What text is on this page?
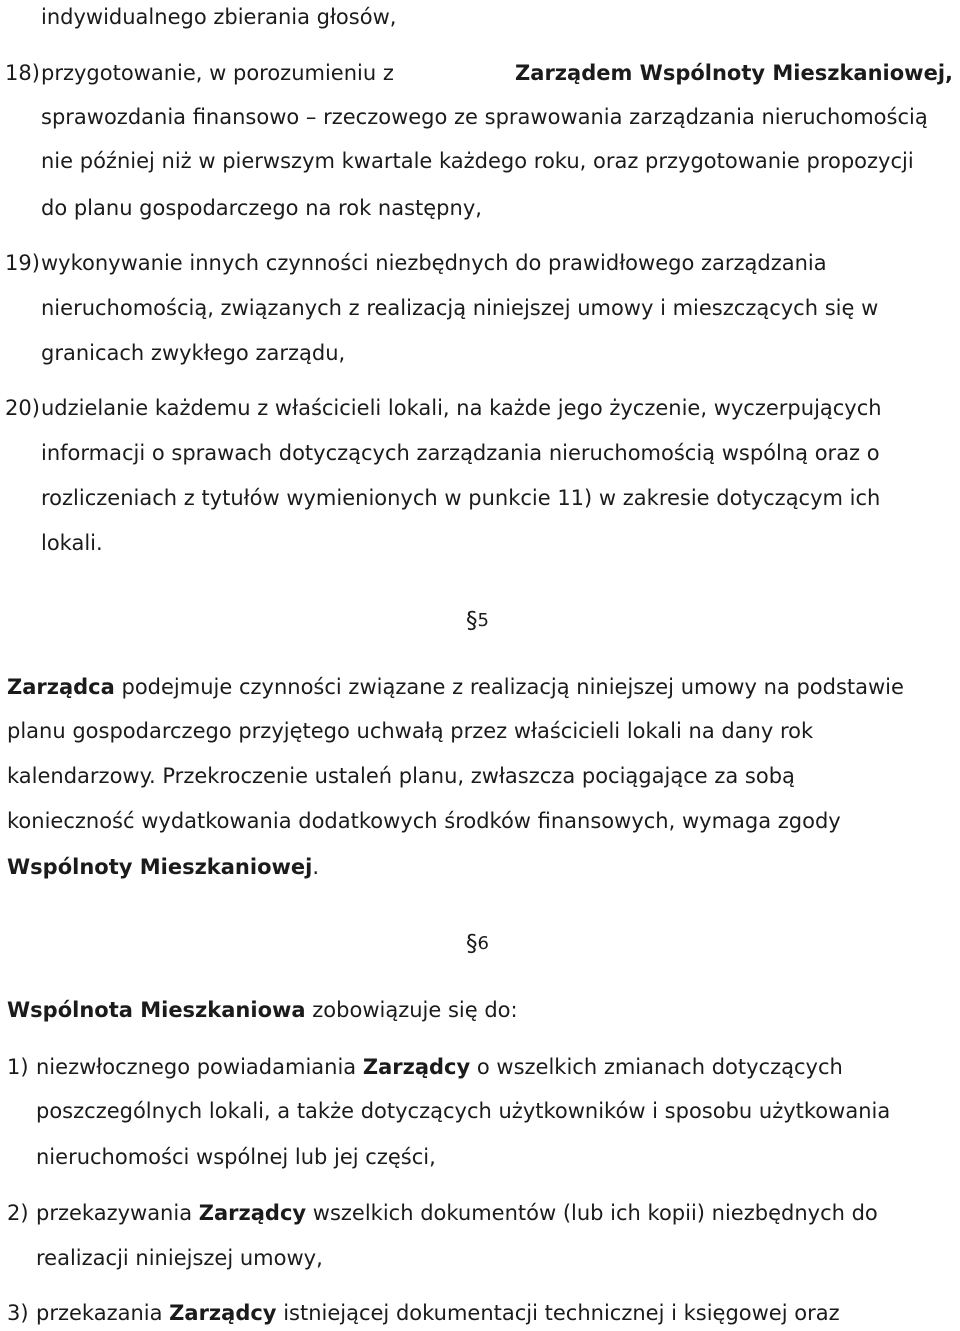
indywidualnego zbierania głosów,
18) przygotowanie, w porozumieniu z	Zarządem Wspólnoty Mieszkaniowej,
sprawozdania finansowo – rzeczowego ze sprawowania zarządzania nieruchomością
nie później niż w pierwszym kwartale każdego roku, oraz przygotowanie propozycji
do planu gospodarczego na rok następny,
19) wykonywanie innych czynności niezbędnych do prawidłowego zarządzania
nieruchomością, związanych z realizacją niniejszej umowy i mieszczących się w
granicach zwykłego zarządu,
20) udzielanie każdemu z właścicieli lokali, na każde jego życzenie, wyczerpujących
informacji o sprawach dotyczących zarządzania nieruchomością wspólną oraz o
rozliczeniach z tytułów wymienionych w punkcie 11) w zakresie dotyczącym ich
lokali.
§5
Zarządca podejmuje czynności związane z realizacją niniejszej umowy na podstawie
planu gospodarczego przyjętego uchwałą przez właścicieli lokali na dany rok
kalendarzowy. Przekroczenie ustaleń planu, zwłaszcza pociągające za sobą
konieczność wydatkowania dodatkowych środków finansowych, wymaga zgody
Wspólnoty Mieszkaniowej.
§6
Wspólnota Mieszkaniowa zobowiązuje się do:
1) niezwłocznego powiadamiania Zarządcy o wszelkich zmianach dotyczących
poszczególnych lokali, a także dotyczących użytkowników i sposobu użytkowania
nieruchomości wspólnej lub jej części,
2) przekazywania Zarządcy wszelkich dokumentów (lub ich kopii) niezbędnych do
realizacji niniejszej umowy,
3) przekazania Zarządcy istniejącej dokumentacji technicznej i księgowej oraz
